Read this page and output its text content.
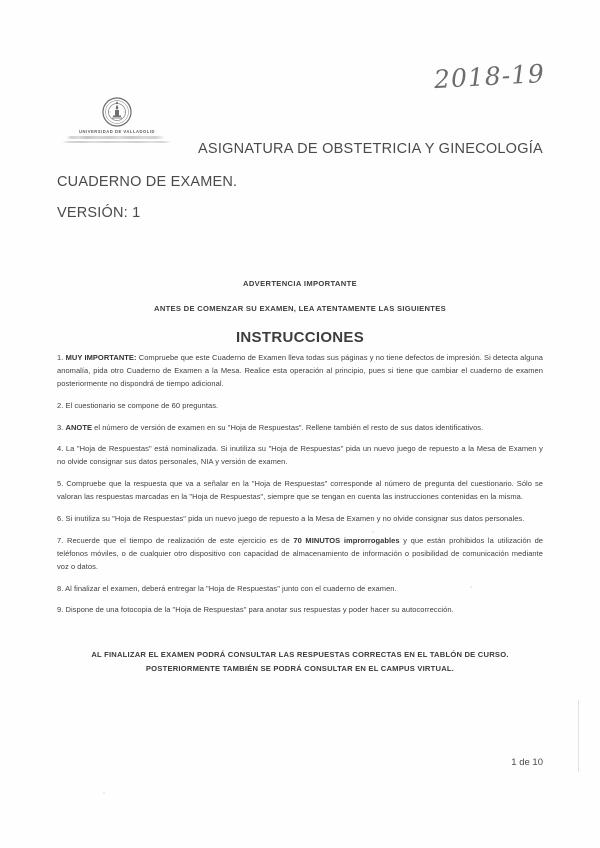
2018-19
UNIVERSIDAD DE VALLADOLID
ASIGNATURA DE OBSTETRICIA Y GINECOLOGÍA
CUADERNO DE EXAMEN.
VERSIÓN: 1
ADVERTENCIA IMPORTANTE
ANTES DE COMENZAR SU EXAMEN, LEA ATENTAMENTE LAS SIGUIENTES
INSTRUCCIONES
1. MUY IMPORTANTE: Compruebe que este Cuaderno de Examen lleva todas sus páginas y no tiene defectos de impresión. Si detecta alguna anomalía, pida otro Cuaderno de Examen a la Mesa. Realice esta operación al principio, pues si tiene que cambiar el cuaderno de examen posteriormente no dispondrá de tiempo adicional.
2. El cuestionario se compone de 60 preguntas.
3. ANOTE el número de versión de examen en su "Hoja de Respuestas". Rellene también el resto de sus datos identificativos.
4. La "Hoja de Respuestas" está nominalizada. Si inutiliza su "Hoja de Respuestas" pida un nuevo juego de repuesto a la Mesa de Examen y no olvide consignar sus datos personales, NIA y versión de examen.
5. Compruebe que la respuesta que va a señalar en la "Hoja de Respuestas" corresponde al número de pregunta del cuestionario. Sólo se valoran las respuestas marcadas en la "Hoja de Respuestas", siempre que se tengan en cuenta las instrucciones contenidas en la misma.
6. Si inutiliza su "Hoja de Respuestas" pida un nuevo juego de repuesto a la Mesa de Examen y no olvide consignar sus datos personales.
7. Recuerde que el tiempo de realización de este ejercicio es de 70 MINUTOS improrrogables y que están prohibidos la utilización de teléfonos móviles, o de cualquier otro dispositivo con capacidad de almacenamiento de información o posibilidad de comunicación mediante voz o datos.
8. Al finalizar el examen, deberá entregar la "Hoja de Respuestas" junto con el cuaderno de examen.
9. Dispone de una fotocopia de la "Hoja de Respuestas" para anotar sus respuestas y poder hacer su autocorrección.
AL FINALIZAR EL EXAMEN PODRÁ CONSULTAR LAS RESPUESTAS CORRECTAS EN EL TABLÓN DE CURSO.
POSTERIORMENTE TAMBIÉN SE PODRÁ CONSULTAR EN EL CAMPUS VIRTUAL.
1 de 10
